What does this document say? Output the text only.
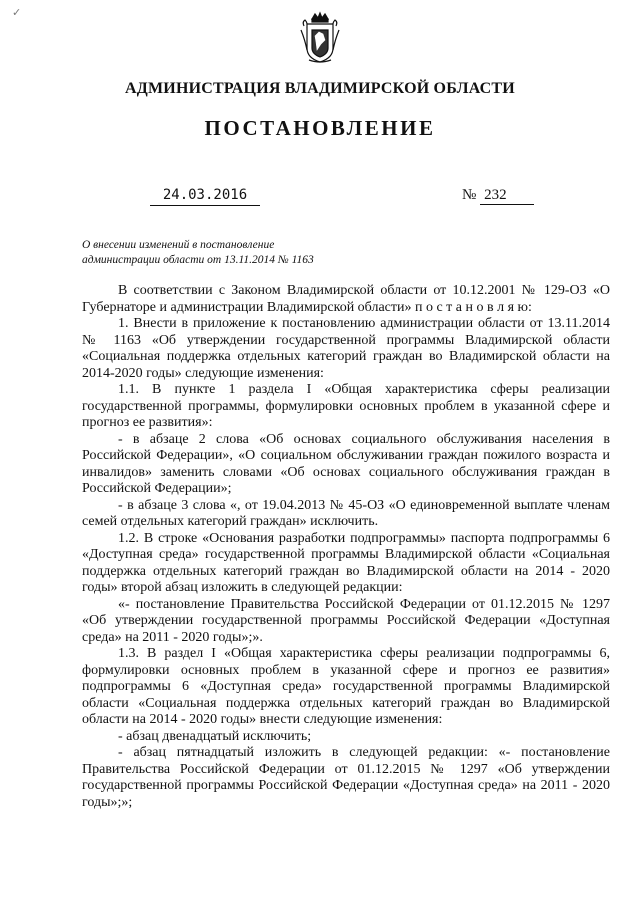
✓
АДМИНИСТРАЦИЯ ВЛАДИМИРСКОЙ ОБЛАСТИ
ПОСТАНОВЛЕНИЕ
24.03.2016	№ 232
О внесении изменений в постановление
администрации области от 13.11.2014 № 1163

В соответствии с Законом Владимирской области от 10.12.2001 № 129-ОЗ «О Губернаторе и администрации Владимирской области» п о с т а н о в л я ю:

1. Внести в приложение к постановлению администрации области от 13.11.2014 № 1163 «Об утверждении государственной программы Владимирской области «Социальная поддержка отдельных категорий граждан во Владимирской области на 2014-2020 годы» следующие изменения:

1.1. В пункте 1 раздела I «Общая характеристика сферы реализации государственной программы, формулировки основных проблем в указанной сфере и прогноз ее развития»:

- в абзаце 2 слова «Об основах социального обслуживания населения в Российской Федерации», «О социальном обслуживании граждан пожилого возраста и инвалидов» заменить словами «Об основах социального обслуживания граждан в Российской Федерации»;

- в абзаце 3 слова «, от 19.04.2013 № 45-ОЗ «О единовременной выплате членам семей отдельных категорий граждан» исключить.

1.2. В строке «Основания разработки подпрограммы» паспорта подпрограммы 6 «Доступная среда» государственной программы Владимирской области «Социальная поддержка отдельных категорий граждан во Владимирской области на 2014 - 2020 годы» второй абзац изложить в следующей редакции:

«- постановление Правительства Российской Федерации от 01.12.2015 № 1297 «Об утверждении государственной программы Российской Федерации «Доступная среда» на 2011 - 2020 годы»;».

1.3. В раздел I «Общая характеристика сферы реализации подпрограммы 6, формулировки основных проблем в указанной сфере и прогноз ее развития» подпрограммы 6 «Доступная среда» государственной программы Владимирской области «Социальная поддержка отдельных категорий граждан во Владимирской области на 2014 - 2020 годы» внести следующие изменения:

- абзац двенадцатый исключить;

- абзац пятнадцатый изложить в следующей редакции: «- постановление Правительства Российской Федерации от 01.12.2015 № 1297 «Об утверждении государственной программы Российской Федерации «Доступная среда» на 2011 - 2020 годы»;»;
